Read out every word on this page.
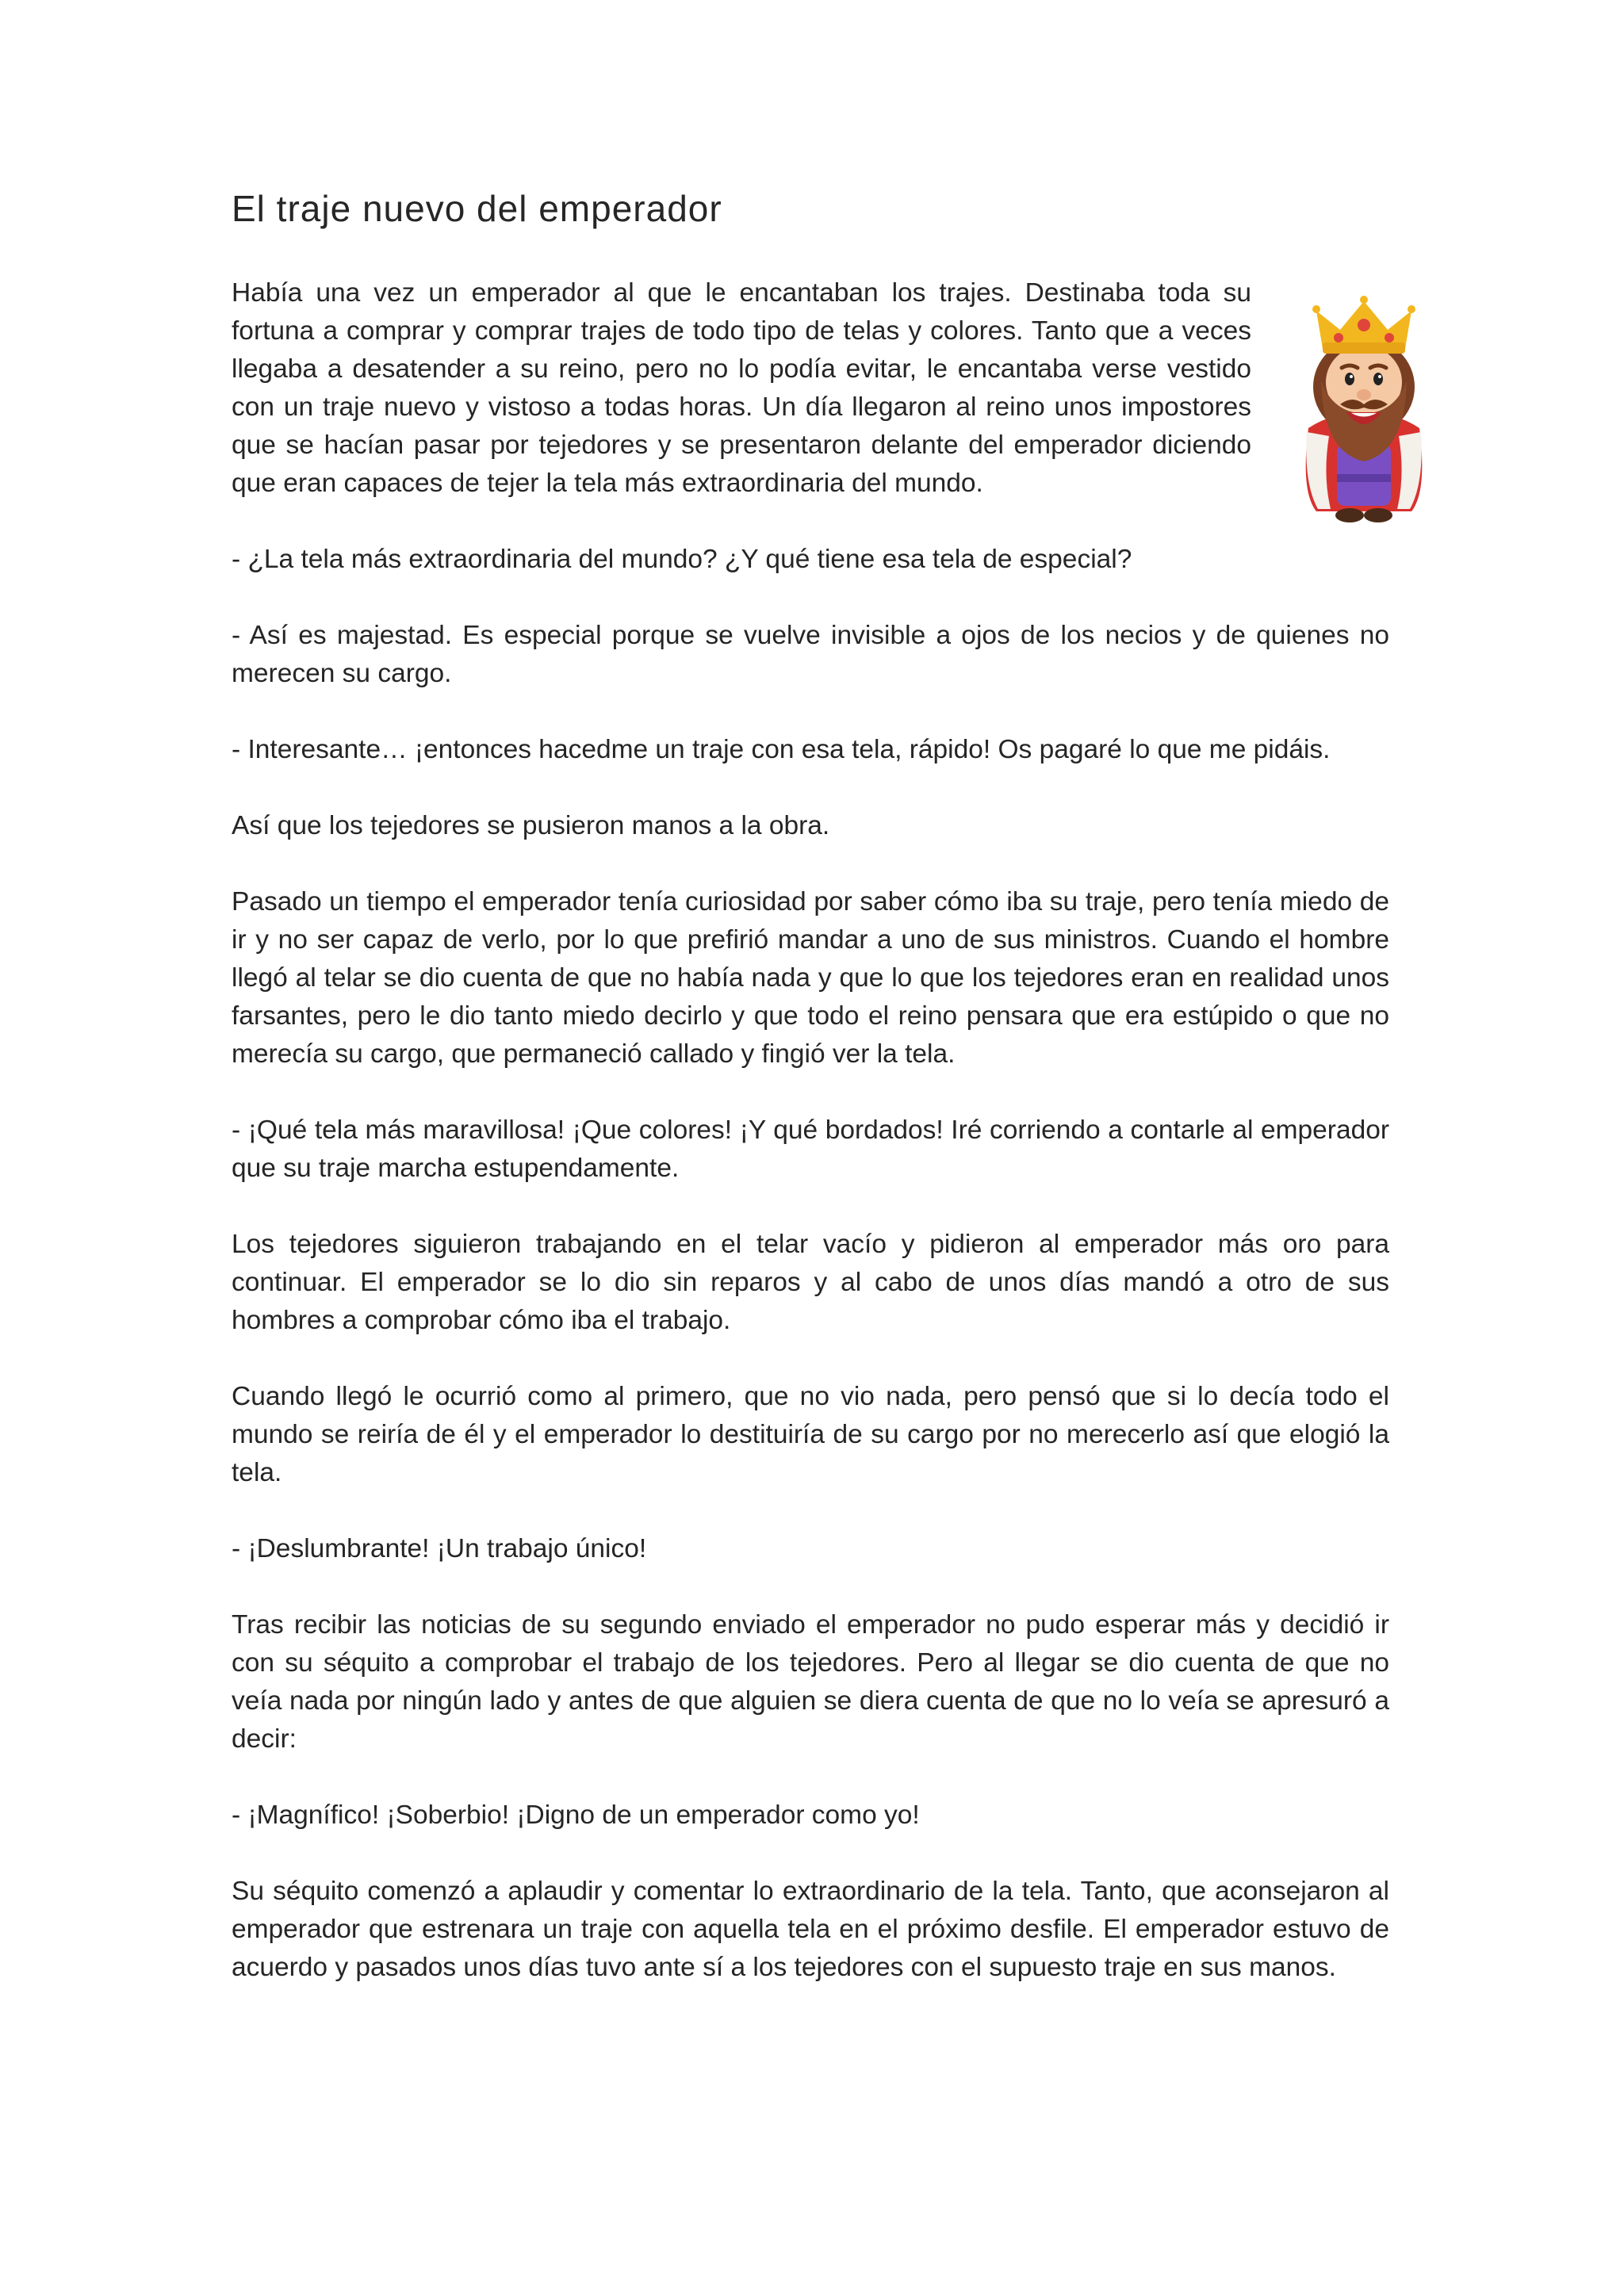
El traje nuevo del emperador

Había una vez un emperador al que le encantaban los trajes. Destinaba toda su fortuna a comprar y comprar trajes de todo tipo de telas y colores. Tanto que a veces llegaba a desatender a su reino, pero no lo podía evitar, le encantaba verse vestido con un traje nuevo y vistoso a todas horas. Un día llegaron al reino unos impostores que se hacían pasar por tejedores y se presentaron delante del emperador diciendo que eran capaces de tejer la tela más extraordinaria del mundo.

- ¿La tela más extraordinaria del mundo? ¿Y qué tiene esa tela de especial?

- Así es majestad. Es especial porque se vuelve invisible a ojos de los necios y de quienes no merecen su cargo.

- Interesante… ¡entonces hacedme un traje con esa tela, rápido! Os pagaré lo que me pidáis.

Así que los tejedores se pusieron manos a la obra.

Pasado un tiempo el emperador tenía curiosidad por saber cómo iba su traje, pero tenía miedo de ir y no ser capaz de verlo, por lo que prefirió mandar a uno de sus ministros. Cuando el hombre llegó al telar se dio cuenta de que no había nada y que lo que los tejedores eran en realidad unos farsantes, pero le dio tanto miedo decirlo y que todo el reino pensara que era estúpido o que no merecía su cargo, que permaneció callado y fingió ver la tela.

- ¡Qué tela más maravillosa! ¡Que colores! ¡Y qué bordados! Iré corriendo a contarle al emperador que su traje marcha estupendamente.

Los tejedores siguieron trabajando en el telar vacío y pidieron al emperador más oro para continuar. El emperador se lo dio sin reparos y al cabo de unos días mandó a otro de sus hombres a comprobar cómo iba el trabajo.

Cuando llegó le ocurrió como al primero, que no vio nada, pero pensó que si lo decía todo el mundo se reiría de él y el emperador lo destituiría de su cargo por no merecerlo así que elogió la tela.

- ¡Deslumbrante! ¡Un trabajo único!

Tras recibir las noticias de su segundo enviado el emperador no pudo esperar más y decidió ir con su séquito a comprobar el trabajo de los tejedores. Pero al llegar se dio cuenta de que no veía nada por ningún lado y antes de que alguien se diera cuenta de que no lo veía se apresuró a decir:

- ¡Magnífico! ¡Soberbio! ¡Digno de un emperador como yo!

Su séquito comenzó a aplaudir y comentar lo extraordinario de la tela. Tanto, que aconsejaron al emperador que estrenara un traje con aquella tela en el próximo desfile. El emperador estuvo de acuerdo y pasados unos días tuvo ante sí a los tejedores con el supuesto traje en sus manos.
